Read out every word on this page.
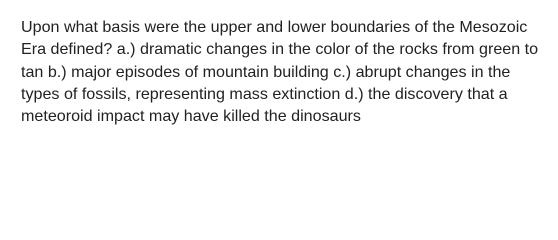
Upon what basis were the upper and lower boundaries of the Mesozoic Era defined? a.) dramatic changes in the color of the rocks from green to tan b.) major episodes of mountain building c.) abrupt changes in the types of fossils, representing mass extinction d.) the discovery that a meteoroid impact may have killed the dinosaurs
